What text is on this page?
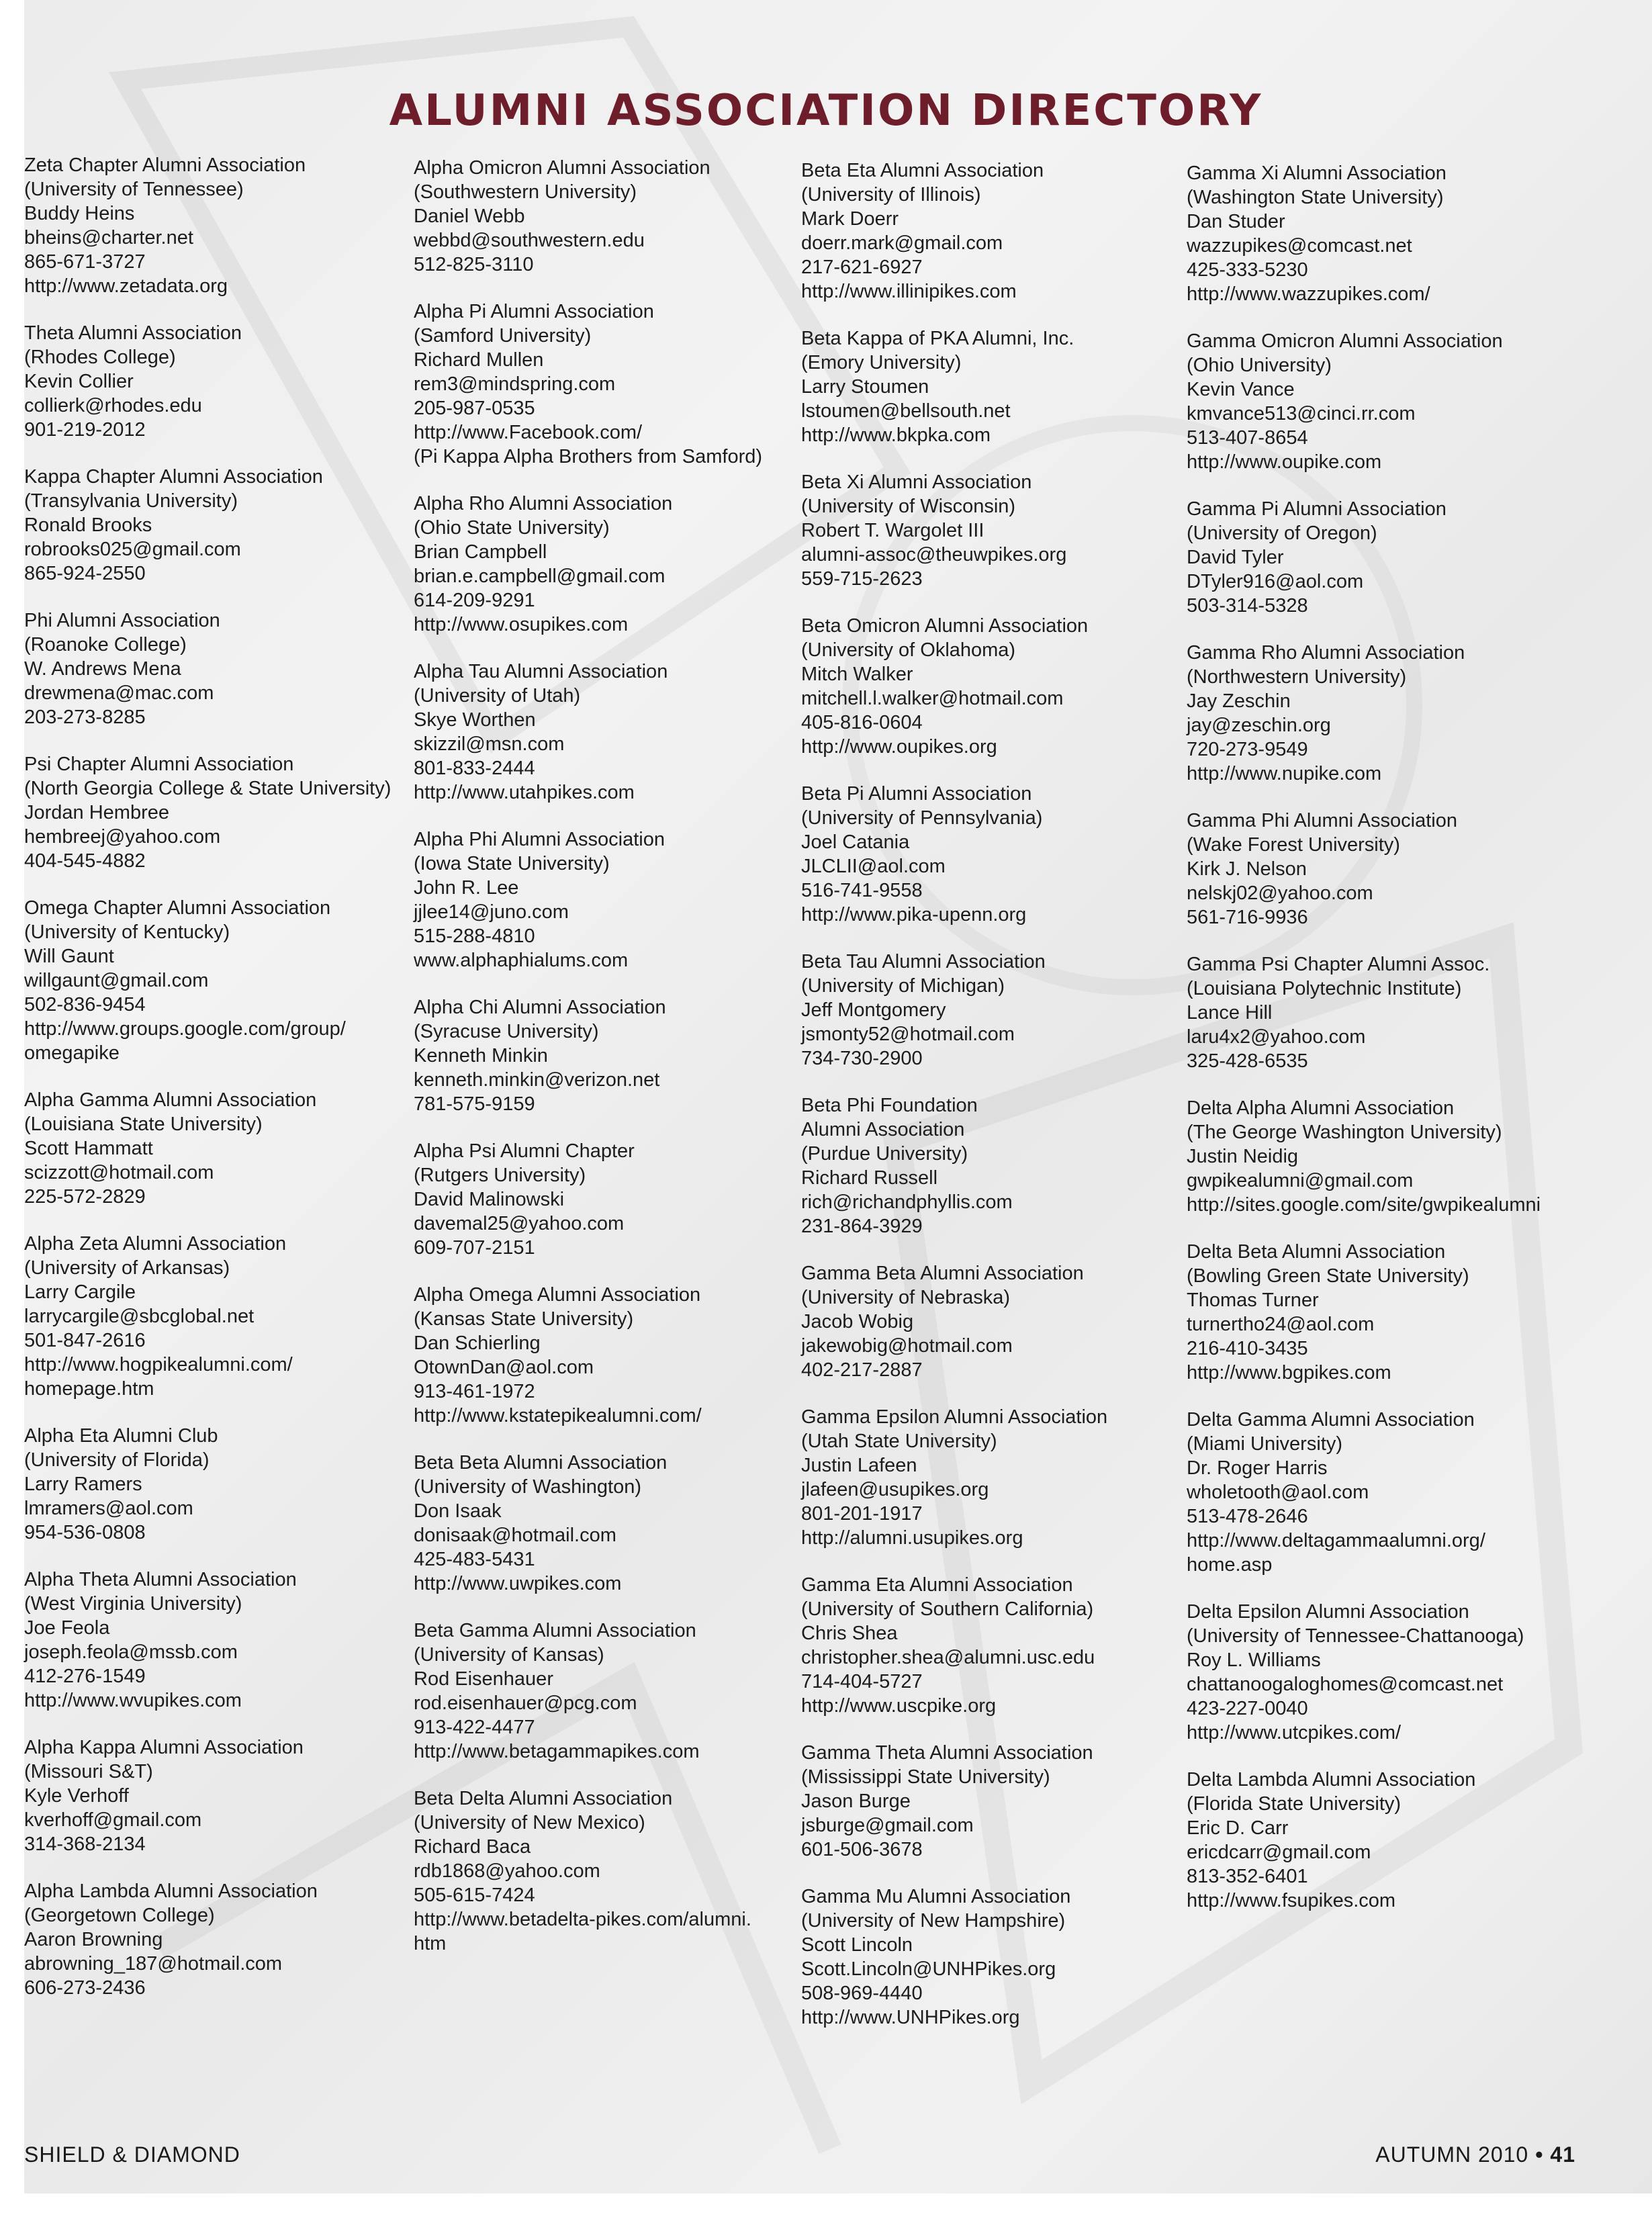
ALUMNI ASSOCIATION DIRECTORY
Zeta Chapter Alumni Association
(University of Tennessee)
Buddy Heins
bheins@charter.net
865-671-3727
http://www.zetadata.org
Theta Alumni Association
(Rhodes College)
Kevin Collier
collierk@rhodes.edu
901-219-2012
Kappa Chapter Alumni Association
(Transylvania University)
Ronald Brooks
robrooks025@gmail.com
865-924-2550
Phi Alumni Association
(Roanoke College)
W. Andrews Mena
drewmena@mac.com
203-273-8285
Psi Chapter Alumni Association
(North Georgia College & State University)
Jordan Hembree
hembreej@yahoo.com
404-545-4882
Omega Chapter Alumni Association
(University of Kentucky)
Will Gaunt
willgaunt@gmail.com
502-836-9454
http://www.groups.google.com/group/
omegapike
Alpha Gamma Alumni Association
(Louisiana State University)
Scott Hammatt
scizzott@hotmail.com
225-572-2829
Alpha Zeta Alumni Association
(University of Arkansas)
Larry Cargile
larrycargile@sbcglobal.net
501-847-2616
http://www.hogpikealumni.com/
homepage.htm
Alpha Eta Alumni Club
(University of Florida)
Larry Ramers
lmramers@aol.com
954-536-0808
Alpha Theta Alumni Association
(West Virginia University)
Joe Feola
joseph.feola@mssb.com
412-276-1549
http://www.wvupikes.com
Alpha Kappa Alumni Association
(Missouri S&T)
Kyle Verhoff
kverhoff@gmail.com
314-368-2134
Alpha Lambda Alumni Association
(Georgetown College)
Aaron Browning
abrowning_187@hotmail.com
606-273-2436
Alpha Omicron Alumni Association
(Southwestern University)
Daniel Webb
webbd@southwestern.edu
512-825-3110
Alpha Pi Alumni Association
(Samford University)
Richard Mullen
rem3@mindspring.com
205-987-0535
http://www.Facebook.com/
(Pi Kappa Alpha Brothers from Samford)
Alpha Rho Alumni Association
(Ohio State University)
Brian Campbell
brian.e.campbell@gmail.com
614-209-9291
http://www.osupikes.com
Alpha Tau Alumni Association
(University of Utah)
Skye Worthen
skizzil@msn.com
801-833-2444
http://www.utahpikes.com
Alpha Phi Alumni Association
(Iowa State University)
John R. Lee
jjlee14@juno.com
515-288-4810
www.alphaphialums.com
Alpha Chi Alumni Association
(Syracuse University)
Kenneth Minkin
kenneth.minkin@verizon.net
781-575-9159
Alpha Psi Alumni Chapter
(Rutgers University)
David Malinowski
davemal25@yahoo.com
609-707-2151
Alpha Omega Alumni Association
(Kansas State University)
Dan Schierling
OtownDan@aol.com
913-461-1972
http://www.kstatepikealumni.com/
Beta Beta Alumni Association
(University of Washington)
Don Isaak
donisaak@hotmail.com
425-483-5431
http://www.uwpikes.com
Beta Gamma Alumni Association
(University of Kansas)
Rod Eisenhauer
rod.eisenhauer@pcg.com
913-422-4477
http://www.betagammapikes.com
Beta Delta Alumni Association
(University of New Mexico)
Richard Baca
rdb1868@yahoo.com
505-615-7424
http://www.betadelta-pikes.com/alumni.
htm
Beta Eta Alumni Association
(University of Illinois)
Mark Doerr
doerr.mark@gmail.com
217-621-6927
http://www.illinipikes.com
Beta Kappa of PKA Alumni, Inc.
(Emory University)
Larry Stoumen
lstoumen@bellsouth.net
http://www.bkpka.com
Beta Xi Alumni Association
(University of Wisconsin)
Robert T. Wargolet III
alumni-assoc@theuwpikes.org
559-715-2623
Beta Omicron Alumni Association
(University of Oklahoma)
Mitch Walker
mitchell.l.walker@hotmail.com
405-816-0604
http://www.oupikes.org
Beta Pi Alumni Association
(University of Pennsylvania)
Joel Catania
JLCLII@aol.com
516-741-9558
http://www.pika-upenn.org
Beta Tau Alumni Association
(University of Michigan)
Jeff Montgomery
jsmonty52@hotmail.com
734-730-2900
Beta Phi Foundation
Alumni Association
(Purdue University)
Richard Russell
rich@richandphyllis.com
231-864-3929
Gamma Beta Alumni Association
(University of Nebraska)
Jacob Wobig
jakewobig@hotmail.com
402-217-2887
Gamma Epsilon Alumni Association
(Utah State University)
Justin Lafeen
jlafeen@usupikes.org
801-201-1917
http://alumni.usupikes.org
Gamma Eta Alumni Association
(University of Southern California)
Chris Shea
christopher.shea@alumni.usc.edu
714-404-5727
http://www.uscpike.org
Gamma Theta Alumni Association
(Mississippi State University)
Jason Burge
jsburge@gmail.com
601-506-3678
Gamma Mu Alumni Association
(University of New Hampshire)
Scott Lincoln
Scott.Lincoln@UNHPikes.org
508-969-4440
http://www.UNHPikes.org
Gamma Xi Alumni Association
(Washington State University)
Dan Studer
wazzupikes@comcast.net
425-333-5230
http://www.wazzupikes.com/
Gamma Omicron Alumni Association
(Ohio University)
Kevin Vance
kmvance513@cinci.rr.com
513-407-8654
http://www.oupike.com
Gamma Pi Alumni Association
(University of Oregon)
David Tyler
DTyler916@aol.com
503-314-5328
Gamma Rho Alumni Association
(Northwestern University)
Jay Zeschin
jay@zeschin.org
720-273-9549
http://www.nupike.com
Gamma Phi Alumni Association
(Wake Forest University)
Kirk J. Nelson
nelskj02@yahoo.com
561-716-9936
Gamma Psi Chapter Alumni Assoc.
(Louisiana Polytechnic Institute)
Lance Hill
laru4x2@yahoo.com
325-428-6535
Delta Alpha Alumni Association
(The George Washington University)
Justin Neidig
gwpikealumni@gmail.com
http://sites.google.com/site/gwpikealumni
Delta Beta Alumni Association
(Bowling Green State University)
Thomas Turner
turnertho24@aol.com
216-410-3435
http://www.bgpikes.com
Delta Gamma Alumni Association
(Miami University)
Dr. Roger Harris
wholetooth@aol.com
513-478-2646
http://www.deltagammaalumni.org/
home.asp
Delta Epsilon Alumni Association
(University of Tennessee-Chattanooga)
Roy L. Williams
chattanoogaloghomes@comcast.net
423-227-0040
http://www.utcpikes.com/
Delta Lambda Alumni Association
(Florida State University)
Eric D. Carr
ericdcarr@gmail.com
813-352-6401
http://www.fsupikes.com
SHIELD & DIAMOND	AUTUMN 2010 • 41
